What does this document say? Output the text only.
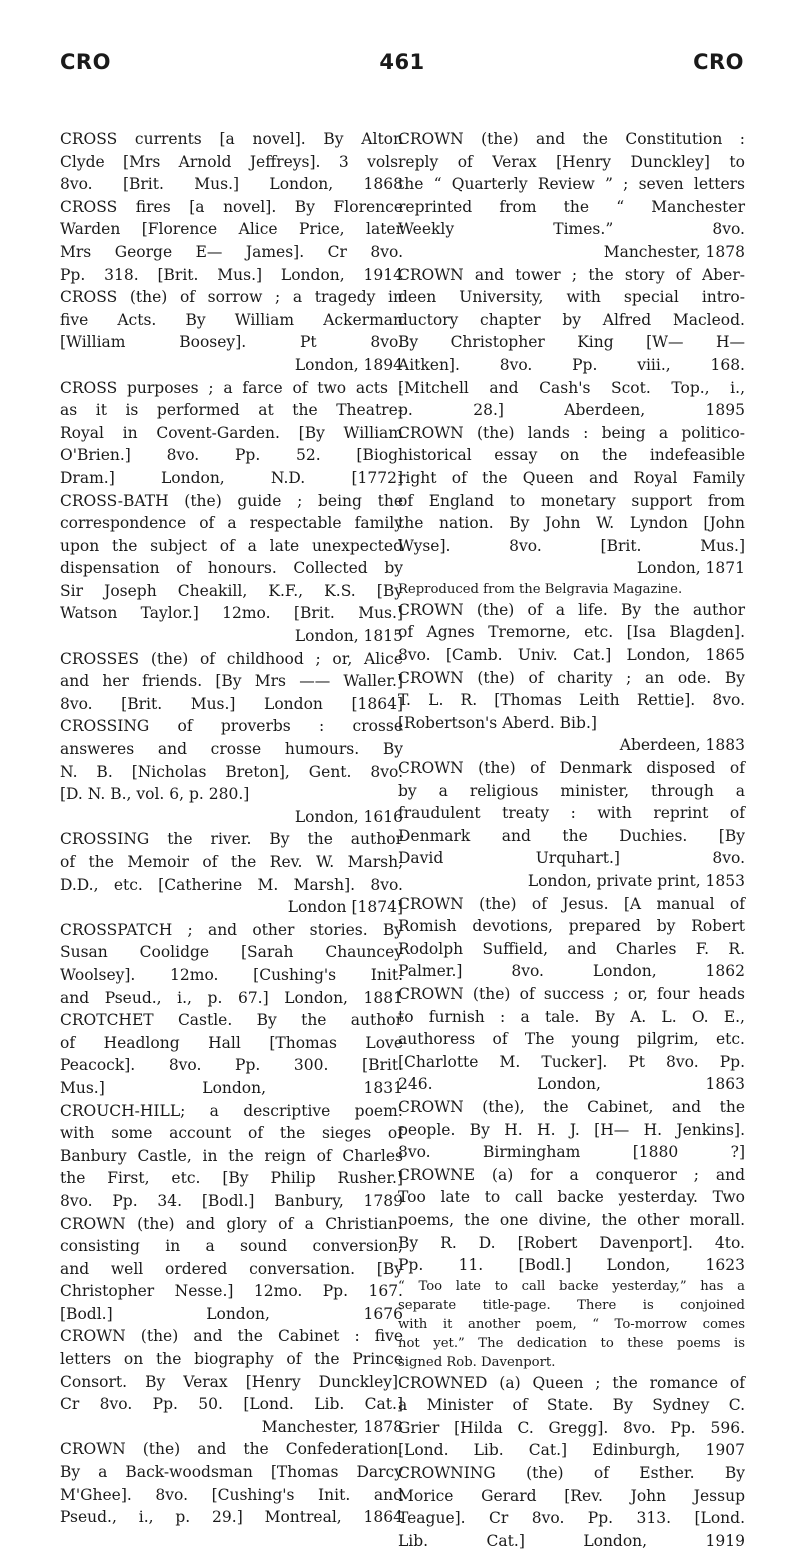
CRO	461	CRO
CROSS currents [a novel]. By Alton
Clyde [Mrs Arnold Jeffreys]. 3 vols.
8vo. [Brit. Mus.] London, 1868
CROSS fires [a novel]. By Florence
Warden [Florence Alice Price, later
Mrs George E— James]. Cr 8vo.
Pp. 318. [Brit. Mus.] London, 1914
CROSS (the) of sorrow ; a tragedy in
five Acts. By William Ackerman
[William Boosey]. Pt 8vo.
London, 1894
CROSS purposes ; a farce of two acts :
as it is performed at the Theatre-
Royal in Covent-Garden. [By William
O'Brien.] 8vo. Pp. 52. [Biog.
Dram.] London, N.D. [1772]
CROSS-BATH (the) guide ; being the
correspondence of a respectable family
upon the subject of a late unexpected
dispensation of honours. Collected by
Sir Joseph Cheakill, K.F., K.S. [By
Watson Taylor.] 12mo. [Brit. Mus.]
London, 1815
CROSSES (the) of childhood ; or, Alice
and her friends. [By Mrs —— Waller.]
8vo. [Brit. Mus.] London [1864]
CROSSING of proverbs : crosse
answeres and crosse humours. By
N. B. [Nicholas Breton], Gent. 8vo.
[D. N. B., vol. 6, p. 280.]
London, 1616
CROSSING the river. By the author
of the Memoir of the Rev. W. Marsh,
D.D., etc. [Catherine M. Marsh]. 8vo.
London [1874]
CROSSPATCH ; and other stories. By
Susan Coolidge [Sarah Chauncey
Woolsey]. 12mo. [Cushing's Init.
and Pseud., i., p. 67.] London, 1881
CROTCHET Castle. By the author
of Headlong Hall [Thomas Love
Peacock]. 8vo. Pp. 300. [Brit.
Mus.] London, 1831
CROUCH-HILL; a descriptive poem:
with some account of the sieges of
Banbury Castle, in the reign of Charles
the First, etc. [By Philip Rusher.]
8vo. Pp. 34. [Bodl.] Banbury, 1789
CROWN (the) and glory of a Christian:
consisting in a sound conversion,
and well ordered conversation. [By
Christopher Nesse.] 12mo. Pp. 167.
[Bodl.] London, 1676
CROWN (the) and the Cabinet : five
letters on the biography of the Prince
Consort. By Verax [Henry Dunckley].
Cr 8vo. Pp. 50. [Lond. Lib. Cat.]
Manchester, 1878
CROWN (the) and the Confederation.
By a Back-woodsman [Thomas Darcy
M'Ghee]. 8vo. [Cushing's Init. and
Pseud., i., p. 29.] Montreal, 1864
CROWN (the) and the Constitution :
reply of Verax [Henry Dunckley] to
the “ Quarterly Review ” ; seven letters
reprinted from the “ Manchester
Weekly Times.” 8vo.
Manchester, 1878
CROWN and tower ; the story of Aber-
deen University, with special intro-
ductory chapter by Alfred Macleod.
By Christopher King [W— H—
Aitken]. 8vo. Pp. viii., 168.
[Mitchell and Cash's Scot. Top., i.,
p. 28.] Aberdeen, 1895
CROWN (the) lands : being a politico-
historical essay on the indefeasible
right of the Queen and Royal Family
of England to monetary support from
the nation. By John W. Lyndon [John
Wyse]. 8vo. [Brit. Mus.]
London, 1871
Reproduced from the Belgravia Magazine.
CROWN (the) of a life. By the author
of Agnes Tremorne, etc. [Isa Blagden].
8vo. [Camb. Univ. Cat.] London, 1865
CROWN (the) of charity ; an ode. By
T. L. R. [Thomas Leith Rettie]. 8vo.
[Robertson's Aberd. Bib.]
Aberdeen, 1883
CROWN (the) of Denmark disposed of
by a religious minister, through a
fraudulent treaty : with reprint of
Denmark and the Duchies. [By
David Urquhart.] 8vo.
London, private print, 1853
CROWN (the) of Jesus. [A manual of
Romish devotions, prepared by Robert
Rodolph Suffield, and Charles F. R.
Palmer.] 8vo. London, 1862
CROWN (the) of success ; or, four heads
to furnish : a tale. By A. L. O. E.,
authoress of The young pilgrim, etc.
[Charlotte M. Tucker]. Pt 8vo. Pp.
246. London, 1863
CROWN (the), the Cabinet, and the
people. By H. H. J. [H— H. Jenkins].
8vo. Birmingham [1880 ?]
CROWNE (a) for a conqueror ; and
Too late to call backe yesterday. Two
poems, the one divine, the other morall.
By R. D. [Robert Davenport]. 4to.
Pp. 11. [Bodl.] London, 1623
“ Too late to call backe yesterday,” has a
separate title-page. There is conjoined
with it another poem, “ To-morrow comes
not yet.” The dedication to these poems is
signed Rob. Davenport.
CROWNED (a) Queen ; the romance of
a Minister of State. By Sydney C.
Grier [Hilda C. Gregg]. 8vo. Pp. 596.
[Lond. Lib. Cat.] Edinburgh, 1907
CROWNING (the) of Esther. By
Morice Gerard [Rev. John Jessup
Teague]. Cr 8vo. Pp. 313. [Lond.
Lib. Cat.] London, 1919
